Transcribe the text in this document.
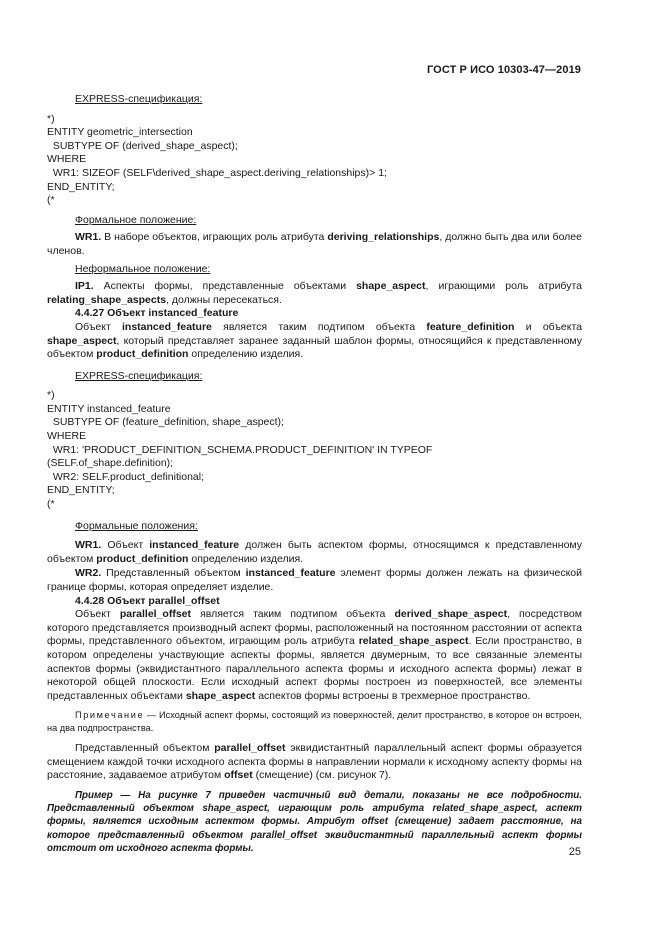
ГОСТ Р ИСО 10303-47—2019

EXPRESS-спецификация:

*)

ENTITY geometric_intersection

SUBTYPE OF (derived_shape_aspect);

WHERE

WR1: SIZEOF (SELF\derived_shape_aspect.deriving_relationships)> 1;

END_ENTITY;

(*

Формальное положение:

WR1. В наборе объектов, играющих роль атрибута deriving_relationships, должно быть два или более членов.

Неформальное положение:

IP1. Аспекты формы, представленные объектами shape_aspect, играющими роль атрибута relating_shape_aspects, должны пересекаться.

4.4.27 Объект instanced_feature

Объект instanced_feature является таким подтипом объекта feature_definition и объекта shape_aspect, который представляет заранее заданный шаблон формы, относящийся к представленному объектом product_definition определению изделия.

EXPRESS-спецификация:

*)

ENTITY instanced_feature

SUBTYPE OF (feature_definition, shape_aspect);

WHERE

WR1: 'PRODUCT_DEFINITION_SCHEMA.PRODUCT_DEFINITION' IN TYPEOF

(SELF.of_shape.definition);

WR2: SELF.product_definitional;

END_ENTITY;

(*

Формальные положения:

WR1. Объект instanced_feature должен быть аспектом формы, относящимся к представленному объектом product_definition определению изделия.

WR2. Представленный объектом instanced_feature элемент формы должен лежать на физической границе формы, которая определяет изделие.

4.4.28 Объект parallel_offset

Объект parallel_offset является таким подтипом объекта derived_shape_aspect, посредством которого представляется производный аспект формы, расположенный на постоянном расстоянии от аспекта формы, представленного объектом, играющим роль атрибута related_shape_aspect. Если пространство, в котором определены участвующие аспекты формы, является двумерным, то все связанные элементы аспектов формы (эквидистантного параллельного аспекта формы и исходного аспекта формы) лежат в некоторой общей плоскости. Если исходный аспект формы построен из поверхностей, все элементы представленных объектами shape_aspect аспектов формы встроены в трехмерное пространство.

Примечание — Исходный аспект формы, состоящий из поверхностей, делит пространство, в которое он встроен, на два подпространства.

Представленный объектом parallel_offset эквидистантный параллельный аспект формы образуется смещением каждой точки исходного аспекта формы в направлении нормали к исходному аспекту формы на расстояние, задаваемое атрибутом offset (смещение) (см. рисунок 7).

Пример — На рисунке 7 приведен частичный вид детали, показаны не все подробности. Представленный объектом shape_aspect, играющим роль атрибута related_shape_aspect, аспект формы, является исходным аспектом формы. Атрибут offset (смещение) задает расстояние, на которое представленный объектом parallel_offset эквидистантный параллельный аспект формы отстоит от исходного аспекта формы.	25
